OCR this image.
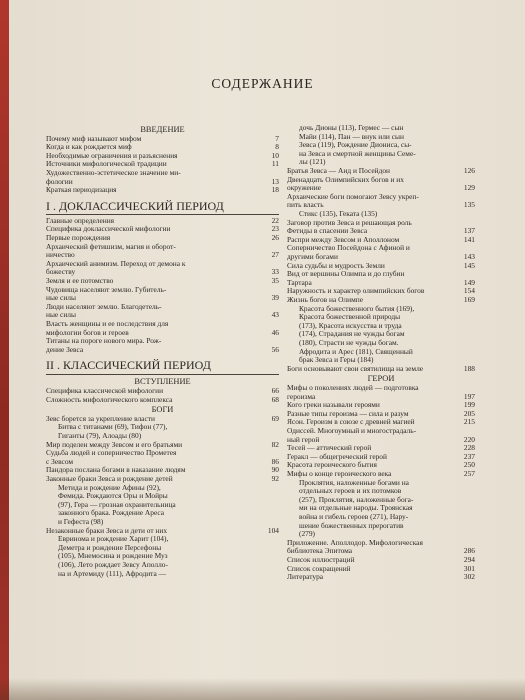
СОДЕРЖАНИЕ
ВВЕДЕНИЕ
Почему миф называют мифом	7
Когда и как рождается миф	8
Необходимые ограничения и разъяснения	10
Источники мифологической традиции	11
Художественно-эстетическое значение ми-
фологии	13
Краткая периодизация	18
I . ДОКЛАССИЧЕСКИЙ ПЕРИОД
Главные определения	22
Специфика доклассической мифологии	23
Первые порождения	26
Архаический фетишизм, магия и оборот-
ничество	27
Архаический анимизм. Переход от демона к
божеству	33
Земля и ее потомство	35
Чудовища населяют землю. Губитель-
ные силы	39
Люди населяют землю. Благодетель-
ные силы	43
Власть женщины и ее последствия для
мифологии богов и героев	46
Титаны на пороге нового мира. Рож-
дение Зевса	56
II . КЛАССИЧЕСКИЙ ПЕРИОД
ВСТУПЛЕНИЕ
Специфика классической мифологии	66
Сложность мифологического комплекса	68
БОГИ
Зевс борется за укрепление власти	69
Битва с титанами (69), Тифон (77),
Гиганты (79), Алоады (80)
Мир поделен между Зевсом и его братьями	82
Судьба людей и соперничество Прометея
с Зевсом	86
Пандора послана богами в наказание людям	90
Законные браки Зевса и рождение детей	92
Метида и рождение Афины (92),
Фемида. Рождаются Оры и Мойры
(97), Гера — грозная охранительница
законного брака. Рождение Ареса
и Гефеста (98)
Незаконные браки Зевса и дети от них	104
Евринома и рождение Харит (104),
Деметра и рождение Персефоны
(105), Мнемосина и рождение Муз
(106), Лето рождает Зевсу Аполло-
на и Артемиду (111), Афродита —
дочь Дионы (113), Гермес — сын
Майи (114), Пан — внук или сын
Зевса (119), Рождение Диониса, сы-
на Зевса и смертной женщины Семе-
лы (121)
Братья Зевса — Аид и Посейдон	126
Двенадцать Олимпийских богов и их
окружение	129
Архаические боги помогают Зевсу укреп-
пить власть	135
Стикс (135), Геката (135)
Заговор против Зевса и решающая роль
Фетиды в спасении Зевса	137
Распри между Зевсом и Аполлоном	141
Соперничество Посейдона с Афиной и
другими богами	143
Сила судьбы и мудрость Земли	145
Вид от вершины Олимпа и до глубин
Тартара	149
Наружность и характер олимпийских богов	154
Жизнь богов на Олимпе	169
Красота божественного бытия (169),
Красота божественной природы
(173), Красота искусства и труда
(174), Страдания не чужды богам
(180), Страсти не чужды богам.
Афродита и Арес (181), Священный
брак Зевса и Геры (184)
Боги основывают свои святилища на земле	188
ГЕРОИ
Мифы о поколениях людей — подготовка
героизма	197
Кого греки называли героями	199
Разные типы героизма — сила и разум	205
Ясон. Героизм в союзе с древней магией	215
Одиссей. Многоумный и многострадаль-
ный герой	220
Тесей — аттический герой	228
Геракл — общегреческий герой	237
Красота героического бытия	250
Мифы о конце героического века	257
Проклятия, наложенные богами на
отдельных героев и их потомков
(257), Проклятия, наложенные бога-
ми на отдельные народы. Троянская
война и гибель героев (271), Нару-
шение божественных прерогатив
(279)
Приложение. Аполлодор. Мифологическая
библиотека Эпитома	286
Список иллюстраций	294
Список сокращений	301
Литература	302
